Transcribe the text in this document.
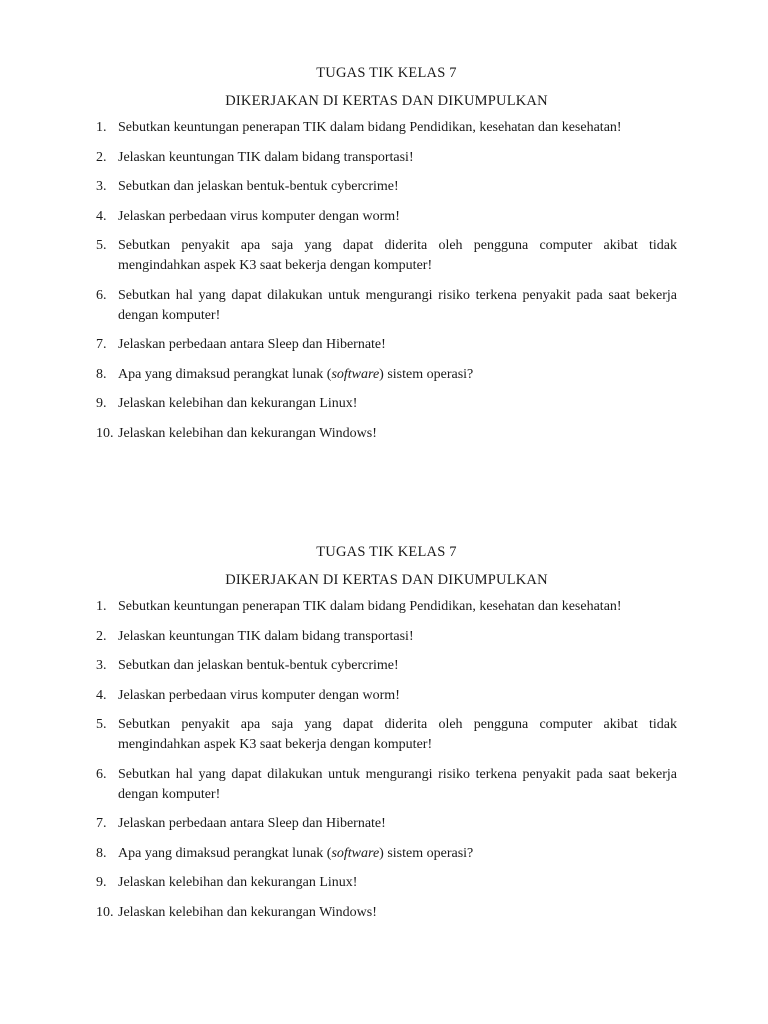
TUGAS TIK KELAS 7

DIKERJAKAN DI KERTAS DAN DIKUMPULKAN

1. Sebutkan keuntungan penerapan TIK dalam bidang Pendidikan, kesehatan dan kesehatan!
2. Jelaskan keuntungan TIK dalam bidang transportasi!
3. Sebutkan dan jelaskan bentuk-bentuk cybercrime!
4. Jelaskan perbedaan virus komputer dengan worm!
5. Sebutkan penyakit apa saja yang dapat diderita oleh pengguna computer akibat tidak mengindahkan aspek K3 saat bekerja dengan komputer!
6. Sebutkan hal yang dapat dilakukan untuk mengurangi risiko terkena penyakit pada saat bekerja dengan komputer!
7. Jelaskan perbedaan antara Sleep dan Hibernate!
8. Apa yang dimaksud perangkat lunak (software) sistem operasi?
9. Jelaskan kelebihan dan kekurangan Linux!
10. Jelaskan kelebihan dan kekurangan Windows!

TUGAS TIK KELAS 7

DIKERJAKAN DI KERTAS DAN DIKUMPULKAN

1. Sebutkan keuntungan penerapan TIK dalam bidang Pendidikan, kesehatan dan kesehatan!
2. Jelaskan keuntungan TIK dalam bidang transportasi!
3. Sebutkan dan jelaskan bentuk-bentuk cybercrime!
4. Jelaskan perbedaan virus komputer dengan worm!
5. Sebutkan penyakit apa saja yang dapat diderita oleh pengguna computer akibat tidak mengindahkan aspek K3 saat bekerja dengan komputer!
6. Sebutkan hal yang dapat dilakukan untuk mengurangi risiko terkena penyakit pada saat bekerja dengan komputer!
7. Jelaskan perbedaan antara Sleep dan Hibernate!
8. Apa yang dimaksud perangkat lunak (software) sistem operasi?
9. Jelaskan kelebihan dan kekurangan Linux!
10. Jelaskan kelebihan dan kekurangan Windows!
